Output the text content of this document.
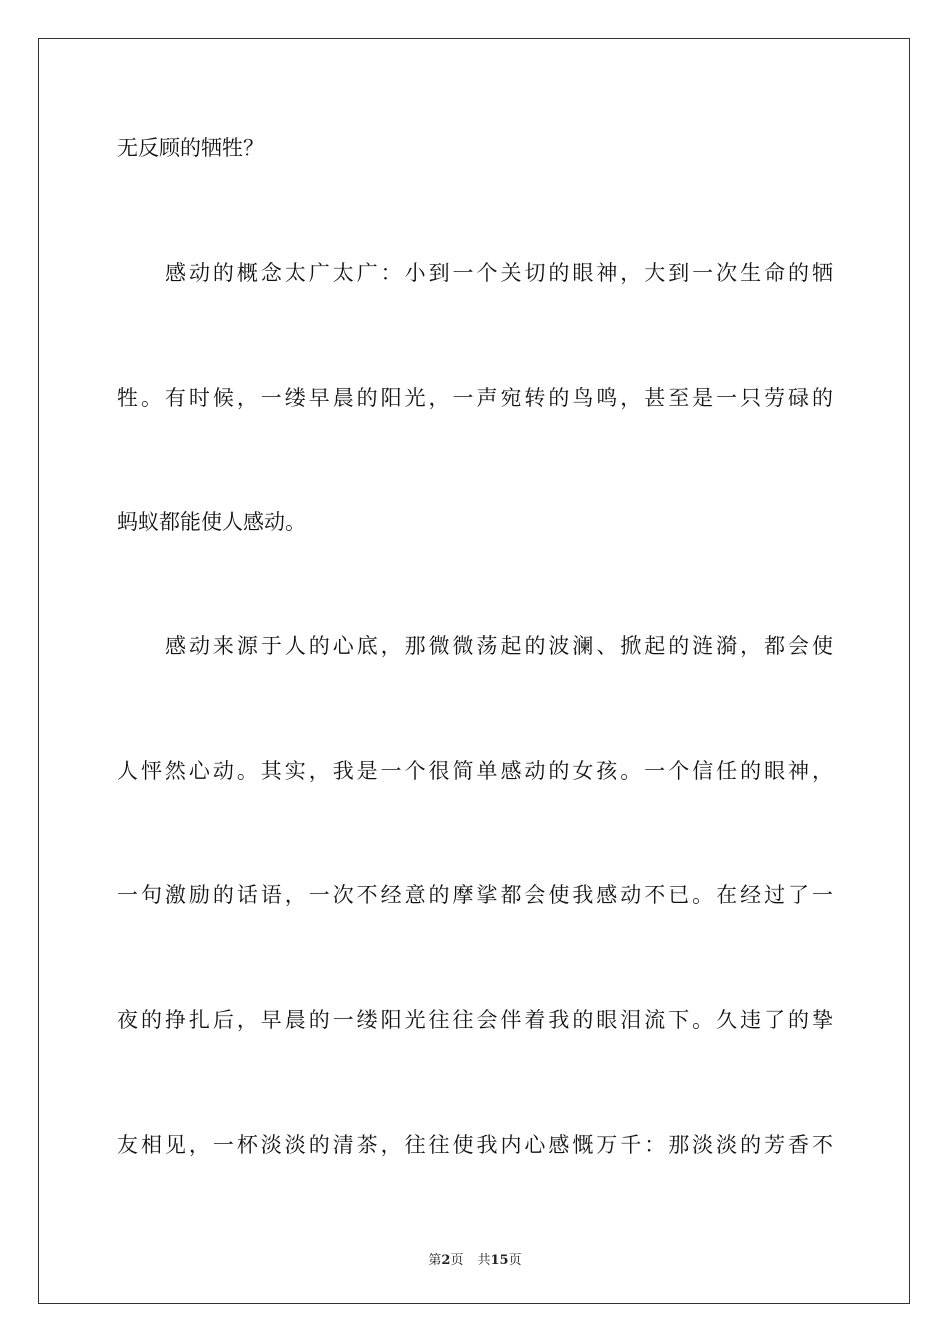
无反顾的牺牲？

感动的概念太广太广：小到一个关切的眼神，大到一次生命的牺

牲。有时候，一缕早晨的阳光，一声宛转的鸟鸣，甚至是一只劳碌的

蚂蚁都能使人感动。

感动来源于人的心底，那微微荡起的波澜、掀起的涟漪，都会使

人怦然心动。其实，我是一个很简单感动的女孩。一个信任的眼神，

一句激励的话语，一次不经意的摩挲都会使我感动不已。在经过了一

夜的挣扎后，早晨的一缕阳光往往会伴着我的眼泪流下。久违了的挚

友相见，一杯淡淡的清茶，往往使我内心感慨万千：那淡淡的芳香不

第2页 共15页
